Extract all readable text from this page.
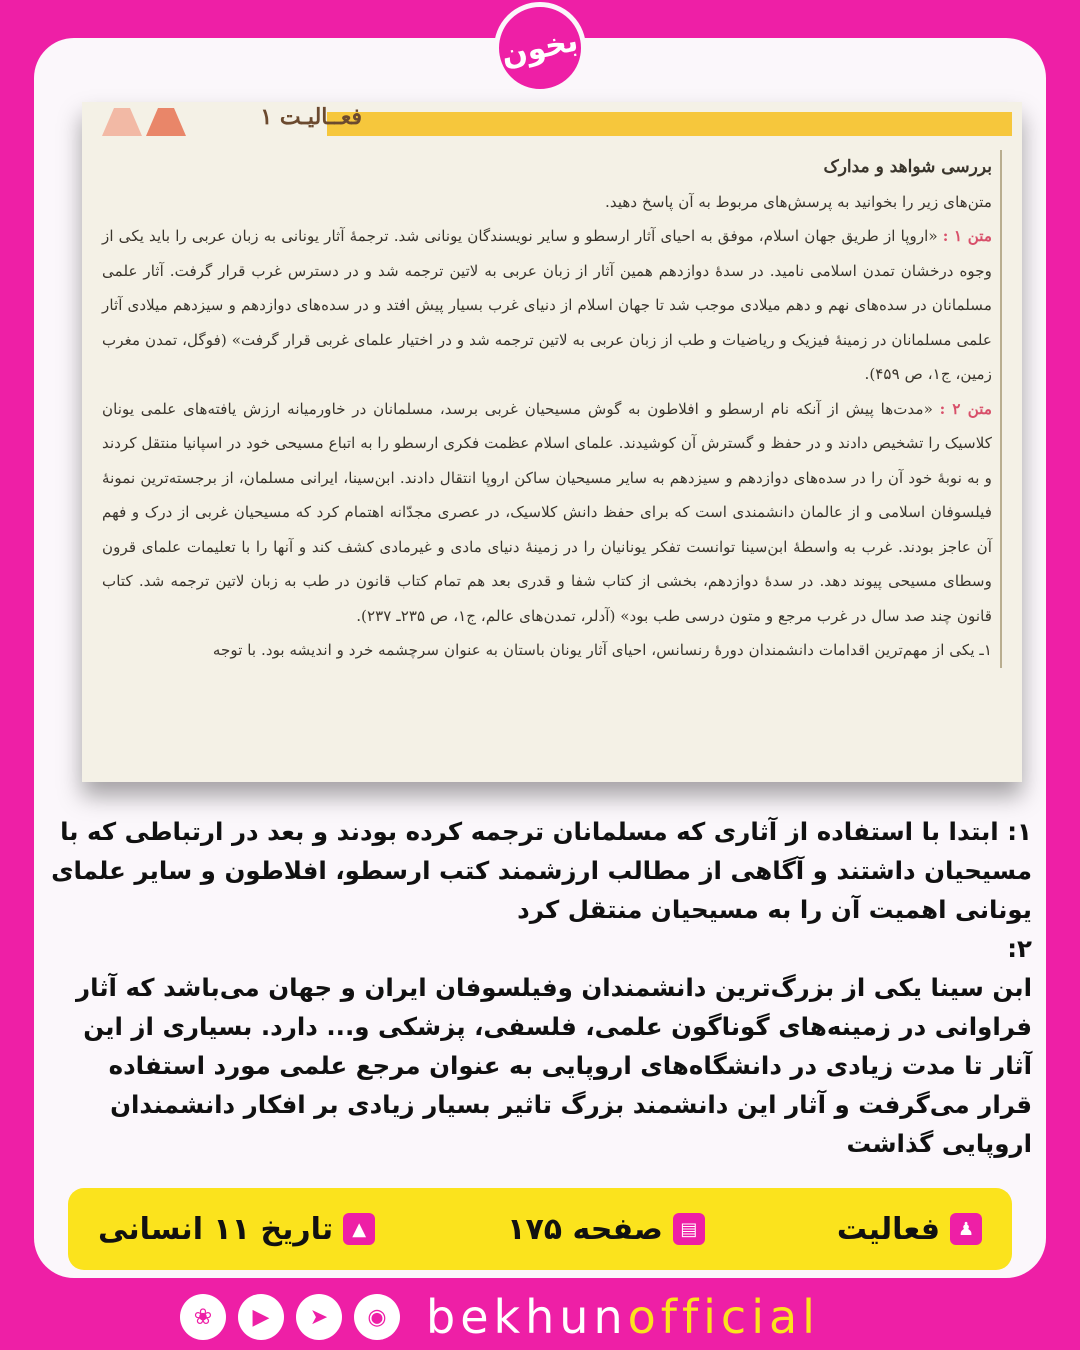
بخون
فعــالیـت ۱

بررسی شواهد و مدارک

متن‌های زیر را بخوانید به پرسش‌های مربوط به آن پاسخ دهید.

متن ۱ : «اروپا از طریق جهان اسلام، موفق به احیای آثار ارسطو و سایر نویسندگان یونانی شد. ترجمهٔ آثار یونانی به زبان عربی را باید یکی از وجوه درخشان تمدن اسلامی نامید. در سدهٔ دوازدهم همین آثار از زبان عربی به لاتین ترجمه شد و در دسترس غرب قرار گرفت. آثار علمی مسلمانان در سده‌های نهم و دهم میلادی موجب شد تا جهان اسلام از دنیای غرب بسیار پیش افتد و در سده‌های دوازدهم و سیزدهم میلادی آثار علمی مسلمانان در زمینهٔ فیزیک و ریاضیات و طب از زبان عربی به لاتین ترجمه شد و در اختیار علمای غربی قرار گرفت» (فوگل، تمدن مغرب زمین، ج۱، ص ۴۵۹).

متن ۲ : «مدت‌ها پیش از آنکه نام ارسطو و افلاطون به گوش مسیحیان غربی برسد، مسلمانان در خاورمیانه ارزش یافته‌های علمی یونان کلاسیک را تشخیص دادند و در حفظ و گسترش آن کوشیدند. علمای اسلام عظمت فکری ارسطو را به اتباع مسیحی خود در اسپانیا منتقل کردند و به نوبهٔ خود آن را در سده‌های دوازدهم و سیزدهم به سایر مسیحیان ساکن اروپا انتقال دادند. ابن‌سینا، ایرانی مسلمان، از برجسته‌ترین نمونهٔ فیلسوفان اسلامی و از عالمان دانشمندی است که برای حفظ دانش کلاسیک، در عصری مجدّانه اهتمام کرد که مسیحیان غربی از درک و فهم آن عاجز بودند. غرب به واسطهٔ ابن‌سینا توانست تفکر یونانیان را در زمینهٔ دنیای مادی و غیرمادی کشف کند و آنها را با تعلیمات علمای قرون وسطای مسیحی پیوند دهد. در سدهٔ دوازدهم، بخشی از کتاب شفا و قدری بعد هم تمام کتاب قانون در طب به زبان لاتین ترجمه شد. کتاب قانون چند صد سال در غرب مرجع و متون درسی طب بود» (آدلر، تمدن‌های عالم، ج۱، ص ۲۳۵ـ ۲۳۷).

۱ـ یکی از مهم‌ترین اقدامات دانشمندان دورهٔ رنسانس، احیای آثار یونان باستان به عنوان سرچشمه خرد و اندیشه بود. با توجه

۱: ابتدا با استفاده از آثاری که مسلمانان ترجمه کرده بودند و بعد در ارتباطی که با مسیحیان داشتند و آگاهی از مطالب ارزشمند کتب ارسطو، افلاطون و سایر علمای یونانی اهمیت آن را به مسیحیان منتقل کرد

۲:

ابن سینا یکی از بزرگ‌ترین دانشمندان وفیلسوفان ایران و جهان می‌باشد که آثار فراوانی در زمینه‌های گوناگون علمی، فلسفی، پزشکی و... دارد. بسیاری از این آثار تا مدت زیادی در دانشگاه‌های اروپایی به عنوان مرجع علمی مورد استفاده قرار می‌گرفت و آثار این دانشمند بزرگ تاثیر بسیار زیادی بر افکار دانشمندان اروپایی گذاشت

♟
فعالیت
▤
صفحه ۱۷۵
▲
تاریخ ۱۱ انسانی
❀	▶	➤	◉ bekhunofficial
